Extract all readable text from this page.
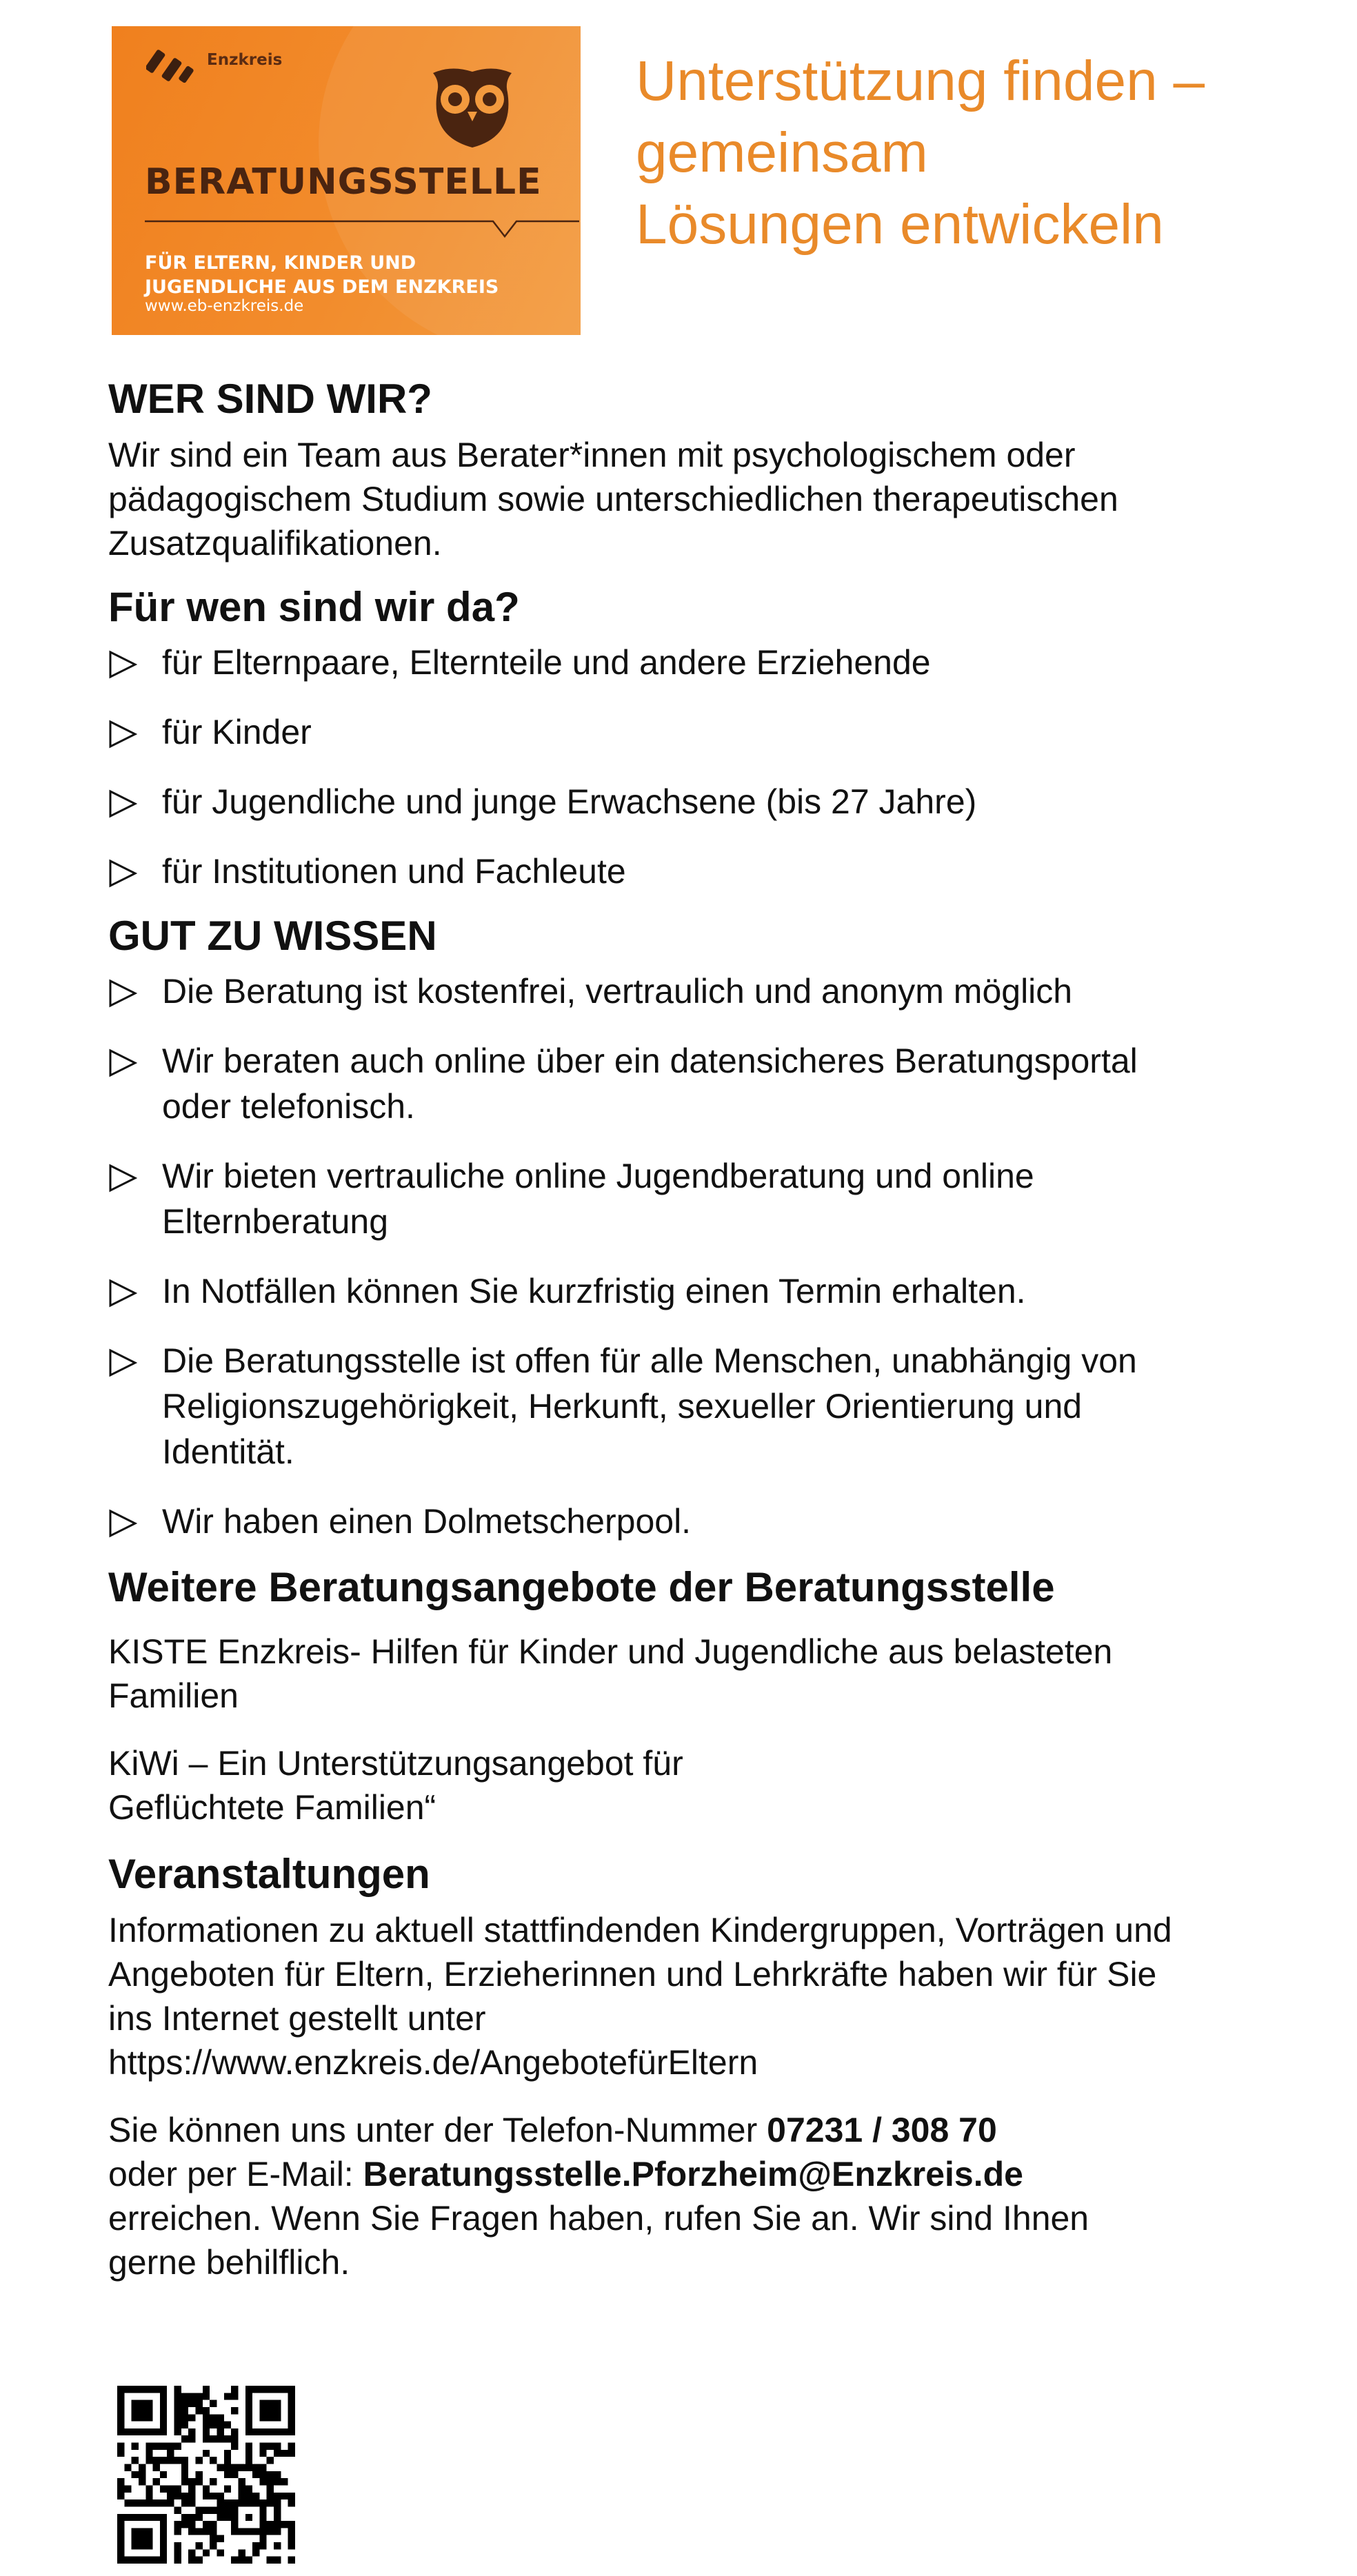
Enzkreis
BERATUNGSSTELLE
FÜR ELTERN, KINDER UND
JUGENDLICHE AUS DEM ENZKREIS
www.eb-enzkreis.de
Unterstützung finden –
gemeinsam
Lösungen entwickeln
WER SIND WIR?

Wir sind ein Team aus Berater*innen mit psychologischem oder
pädagogischem Studium sowie unterschiedlichen therapeutischen
Zusatzqualifikationen.

Für wen sind wir da?
für Elternpaare, Elternteile und andere Erziehende
für Kinder
für Jugendliche und junge Erwachsene (bis 27 Jahre)
für Institutionen und Fachleute
GUT ZU WISSEN
Die Beratung ist kostenfrei, vertraulich und anonym möglich
Wir beraten auch online über ein datensicheres Beratungsportal
oder telefonisch.
Wir bieten vertrauliche online Jugendberatung und online
Elternberatung
In Notfällen können Sie kurzfristig einen Termin erhalten.
Die Beratungsstelle ist offen für alle Menschen, unabhängig von
Religionszugehörigkeit, Herkunft, sexueller Orientierung und
Identität.
Wir haben einen Dolmetscherpool.
Weitere Beratungsangebote der Beratungsstelle

KISTE Enzkreis- Hilfen für Kinder und Jugendliche aus belasteten
Familien

KiWi – Ein Unterstützungsangebot für
Geflüchtete Familien“

Veranstaltungen

Informationen zu aktuell stattfindenden Kindergruppen, Vorträgen und
Angeboten für Eltern, Erzieherinnen und Lehrkräfte haben wir für Sie
ins Internet gestellt unter
https://www.enzkreis.de/AngebotefürEltern

Sie können uns unter der Telefon-Nummer 07231 / 308 70
oder per E-Mail: Beratungsstelle.Pforzheim@Enzkreis.de
erreichen. Wenn Sie Fragen haben, rufen Sie an. Wir sind Ihnen
gerne behilflich.
